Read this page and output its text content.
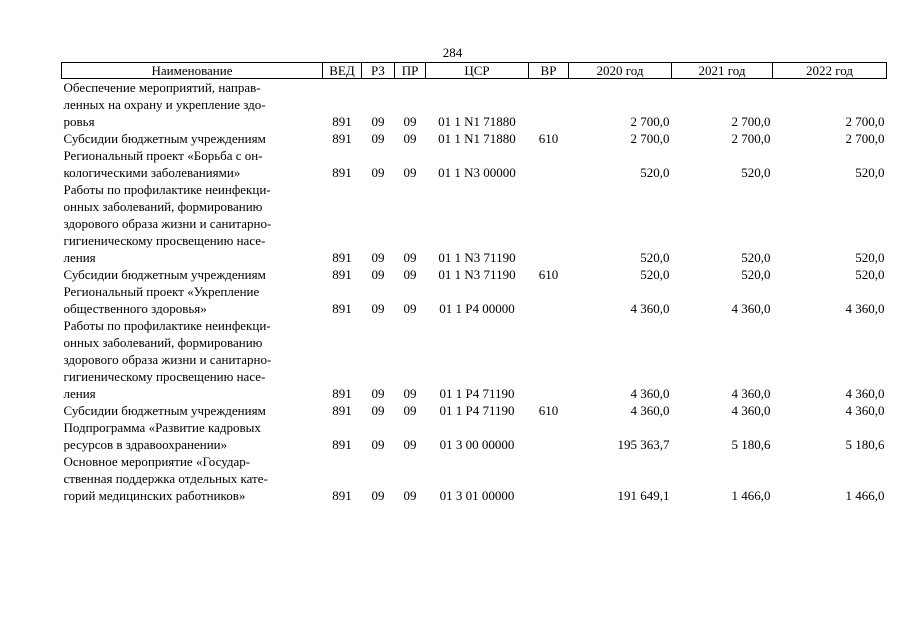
284
Наименование	ВЕД	РЗ	ПР	ЦСР	ВР	2020 год	2021 год	2022 год

Обеспечение мероприятий, направ-
ленных на охрану и укрепление здо-
ровья	891	09	09	01 1 N1 71880		2 700,0	2 700,0	2 700,0

Субсидии бюджетным учреждениям	891	09	09	01 1 N1 71880	610	2 700,0	2 700,0	2 700,0

Региональный проект «Борьба с он-
кологическими заболеваниями»	891	09	09	01 1 N3 00000		520,0	520,0	520,0

Работы по профилактике неинфекци-
онных заболеваний, формированию
здорового образа жизни и санитарно-
гигиеническому просвещению насе-
ления	891	09	09	01 1 N3 71190		520,0	520,0	520,0

Субсидии бюджетным учреждениям	891	09	09	01 1 N3 71190	610	520,0	520,0	520,0

Региональный проект «Укрепление
общественного здоровья»	891	09	09	01 1 P4 00000		4 360,0	4 360,0	4 360,0

Работы по профилактике неинфекци-
онных заболеваний, формированию
здорового образа жизни и санитарно-
гигиеническому просвещению насе-
ления	891	09	09	01 1 P4 71190		4 360,0	4 360,0	4 360,0

Субсидии бюджетным учреждениям	891	09	09	01 1 P4 71190	610	4 360,0	4 360,0	4 360,0

Подпрограмма «Развитие кадровых
ресурсов в здравоохранении»	891	09	09	01 3 00 00000		195 363,7	5 180,6	5 180,6

Основное мероприятие «Государ-
ственная поддержка отдельных кате-
горий медицинских работников»	891	09	09	01 3 01 00000		191 649,1	1 466,0	1 466,0
